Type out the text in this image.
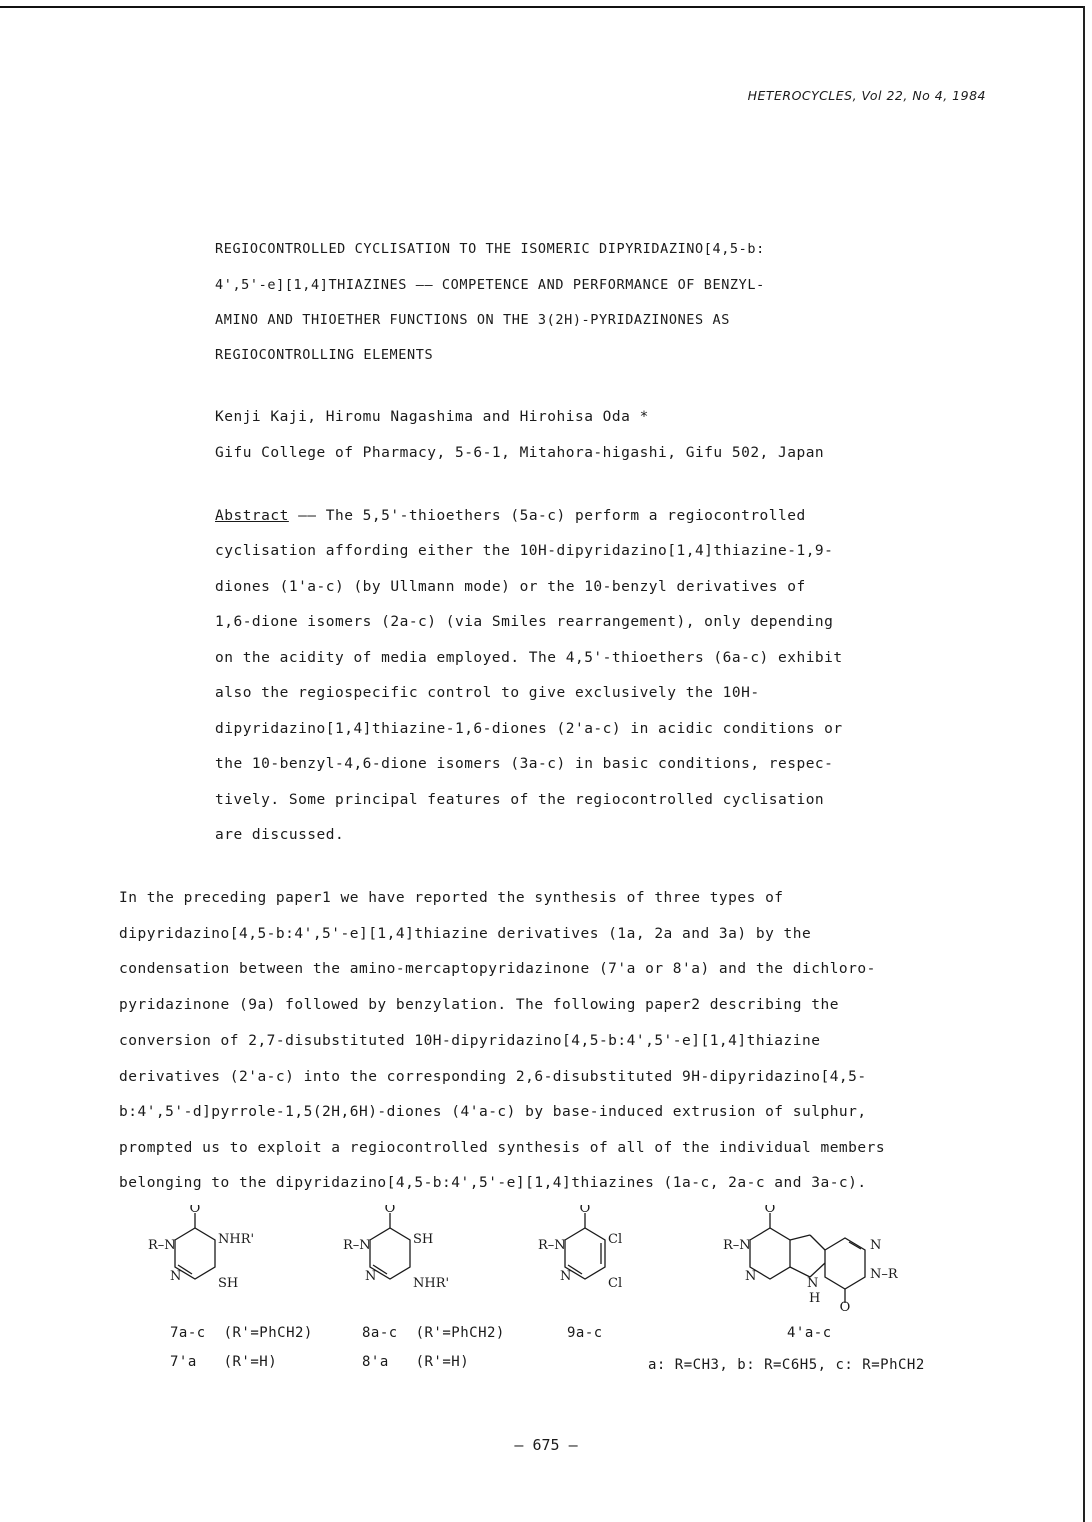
HETEROCYCLES, Vol 22, No 4, 1984
REGIOCONTROLLED CYCLISATION TO THE ISOMERIC DIPYRIDAZINO[4,5-b:
4',5'-e][1,4]THIAZINES —— COMPETENCE AND PERFORMANCE OF BENZYL-
AMINO AND THIOETHER FUNCTIONS ON THE 3(2H)-PYRIDAZINONES AS
REGIOCONTROLLING ELEMENTS
Kenji Kaji, Hiromu Nagashima and Hirohisa Oda *
Gifu College of Pharmacy, 5-6-1, Mitahora-higashi, Gifu 502, Japan
Abstract —— The 5,5'-thioethers (5a-c) perform a regiocontrolled
cyclisation affording either the 10H-dipyridazino[1,4]thiazine-1,9-
diones (1'a-c) (by Ullmann mode) or the 10-benzyl derivatives of
1,6-dione isomers (2a-c) (via Smiles rearrangement), only depending
on the acidity of media employed. The 4,5'-thioethers (6a-c) exhibit
also the regiospecific control to give exclusively the 10H-
dipyridazino[1,4]thiazine-1,6-diones (2'a-c) in acidic conditions or
the 10-benzyl-4,6-dione isomers (3a-c) in basic conditions, respec-
tively. Some principal features of the regiocontrolled cyclisation
are discussed.
In the preceding paper1 we have reported the synthesis of three types of
dipyridazino[4,5-b:4',5'-e][1,4]thiazine derivatives (1a, 2a and 3a) by the
condensation between the amino-mercaptopyridazinone (7'a or 8'a) and the dichloro-
pyridazinone (9a) followed by benzylation. The following paper2 describing the
conversion of 2,7-disubstituted 10H-dipyridazino[4,5-b:4',5'-e][1,4]thiazine
derivatives (2'a-c) into the corresponding 2,6-disubstituted 9H-dipyridazino[4,5-
b:4',5'-d]pyrrole-1,5(2H,6H)-diones (4'a-c) by base-induced extrusion of sulphur,
prompted us to exploit a regiocontrolled synthesis of all of the individual members
belonging to the dipyridazino[4,5-b:4',5'-e][1,4]thiazines (1a-c, 2a-c and 3a-c).
O
R–N
N
NHR'
SH
O
R–N
N
SH
NHR'
O
R–N
N
Cl
Cl
O
R–N
N	N
H
N
N–R
O
7a-c  (R'=PhCH2)
7'a   (R'=H)
8a-c  (R'=PhCH2)
8'a   (R'=H)
9a-c	4'a-c
a: R=CH3, b: R=C6H5, c: R=PhCH2
— 675 —
